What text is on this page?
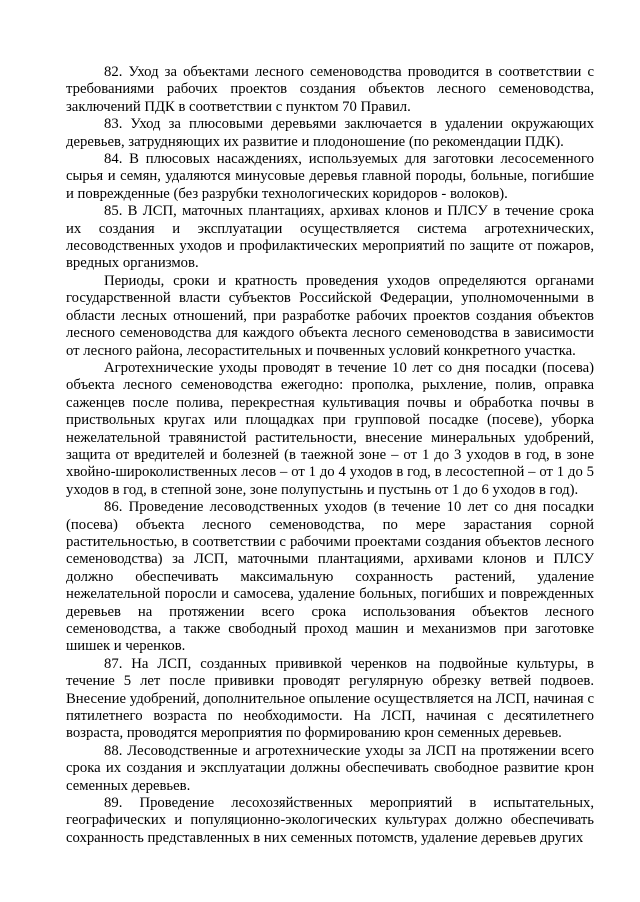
82. Уход за объектами лесного семеноводства проводится в соответствии с требованиями рабочих проектов создания объектов лесного семеноводства, заключений ПДК в соответствии с пунктом 70 Правил.

83. Уход за плюсовыми деревьями заключается в удалении окружающих деревьев, затрудняющих их развитие и плодоношение (по рекомендации ПДК).

84. В плюсовых насаждениях, используемых для заготовки лесосеменного сырья и семян, удаляются минусовые деревья главной породы, больные, погибшие и поврежденные (без разрубки технологических коридоров - волоков).

85. В ЛСП, маточных плантациях, архивах клонов и ПЛСУ в течение срока их создания и эксплуатации осуществляется система агротехнических, лесоводственных уходов и профилактических мероприятий по защите от пожаров, вредных организмов.

Периоды, сроки и кратность проведения уходов определяются органами государственной власти субъектов Российской Федерации, уполномоченными в области лесных отношений, при разработке рабочих проектов создания объектов лесного семеноводства для каждого объекта лесного семеноводства в зависимости от лесного района, лесорастительных и почвенных условий конкретного участка.

Агротехнические уходы проводят в течение 10 лет со дня посадки (посева) объекта лесного семеноводства ежегодно: прополка, рыхление, полив, оправка саженцев после полива, перекрестная культивация почвы и обработка почвы в приствольных кругах или площадках при групповой посадке (посеве), уборка нежелательной травянистой растительности, внесение минеральных удобрений, защита от вредителей и болезней (в таежной зоне – от 1 до 3 уходов в год, в зоне хвойно-широколиственных лесов – от 1 до 4 уходов в год, в лесостепной – от 1 до 5 уходов в год, в степной зоне, зоне полупустынь и пустынь от 1 до 6 уходов в год).

86. Проведение лесоводственных уходов (в течение 10 лет со дня посадки (посева) объекта лесного семеноводства, по мере зарастания сорной растительностью, в соответствии с рабочими проектами создания объектов лесного семеноводства) за ЛСП, маточными плантациями, архивами клонов и ПЛСУ должно обеспечивать максимальную сохранность растений, удаление нежелательной поросли и самосева, удаление больных, погибших и поврежденных деревьев на протяжении всего срока использования объектов лесного семеноводства, а также свободный проход машин и механизмов при заготовке шишек и черенков.

87. На ЛСП, созданных прививкой черенков на подвойные культуры, в течение 5 лет после прививки проводят регулярную обрезку ветвей подвоев. Внесение удобрений, дополнительное опыление осуществляется на ЛСП, начиная с пятилетнего возраста по необходимости. На ЛСП, начиная с десятилетнего возраста, проводятся мероприятия по формированию крон семенных деревьев.

88. Лесоводственные и агротехнические уходы за ЛСП на протяжении всего срока их создания и эксплуатации должны обеспечивать свободное развитие крон семенных деревьев.

89. Проведение лесохозяйственных мероприятий в испытательных, географических и популяционно-экологических культурах должно обеспечивать сохранность представленных в них семенных потомств, удаление деревьев других
